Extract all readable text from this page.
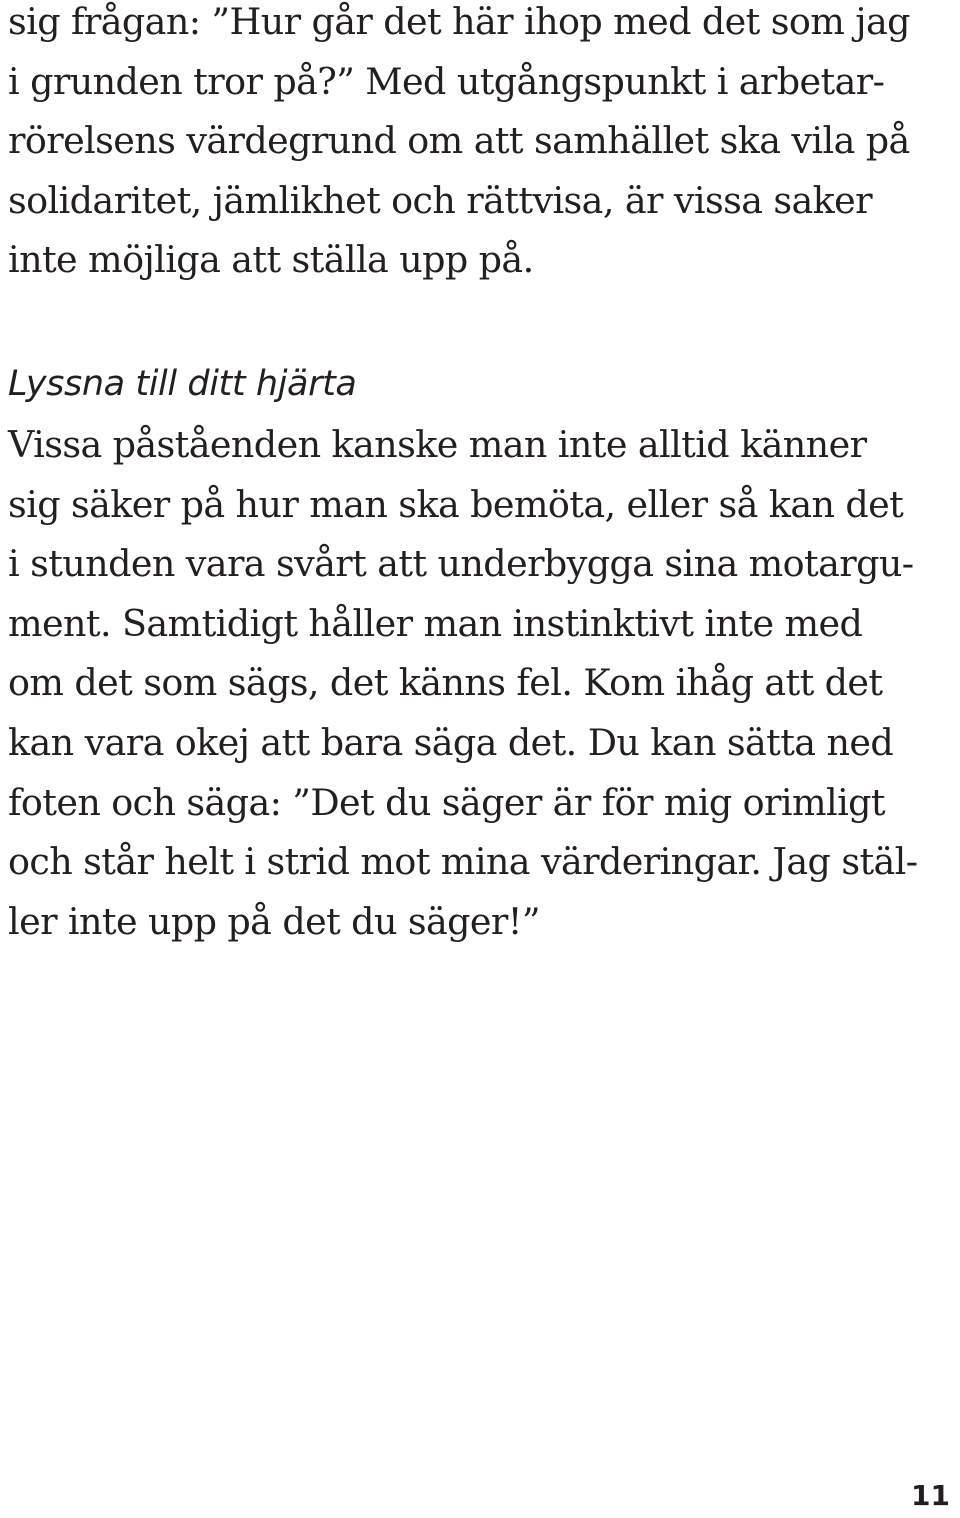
sig frågan: ”Hur går det här ihop med det som jag
i grunden tror på?” Med utgångspunkt i arbetar-
rörelsens värdegrund om att samhället ska vila på
solidaritet, jämlikhet och rättvisa, är vissa saker
inte möjliga att ställa upp på.
Lyssna till ditt hjärta
Vissa påståenden kanske man inte alltid känner
sig säker på hur man ska bemöta, eller så kan det
i stunden vara svårt att underbygga sina motargu-
ment. Samtidigt håller man instinktivt inte med
om det som sägs, det känns fel. Kom ihåg att det
kan vara okej att bara säga det. Du kan sätta ned
foten och säga: ”Det du säger är för mig orimligt
och står helt i strid mot mina värderingar. Jag stäl-
ler inte upp på det du säger!”
11
